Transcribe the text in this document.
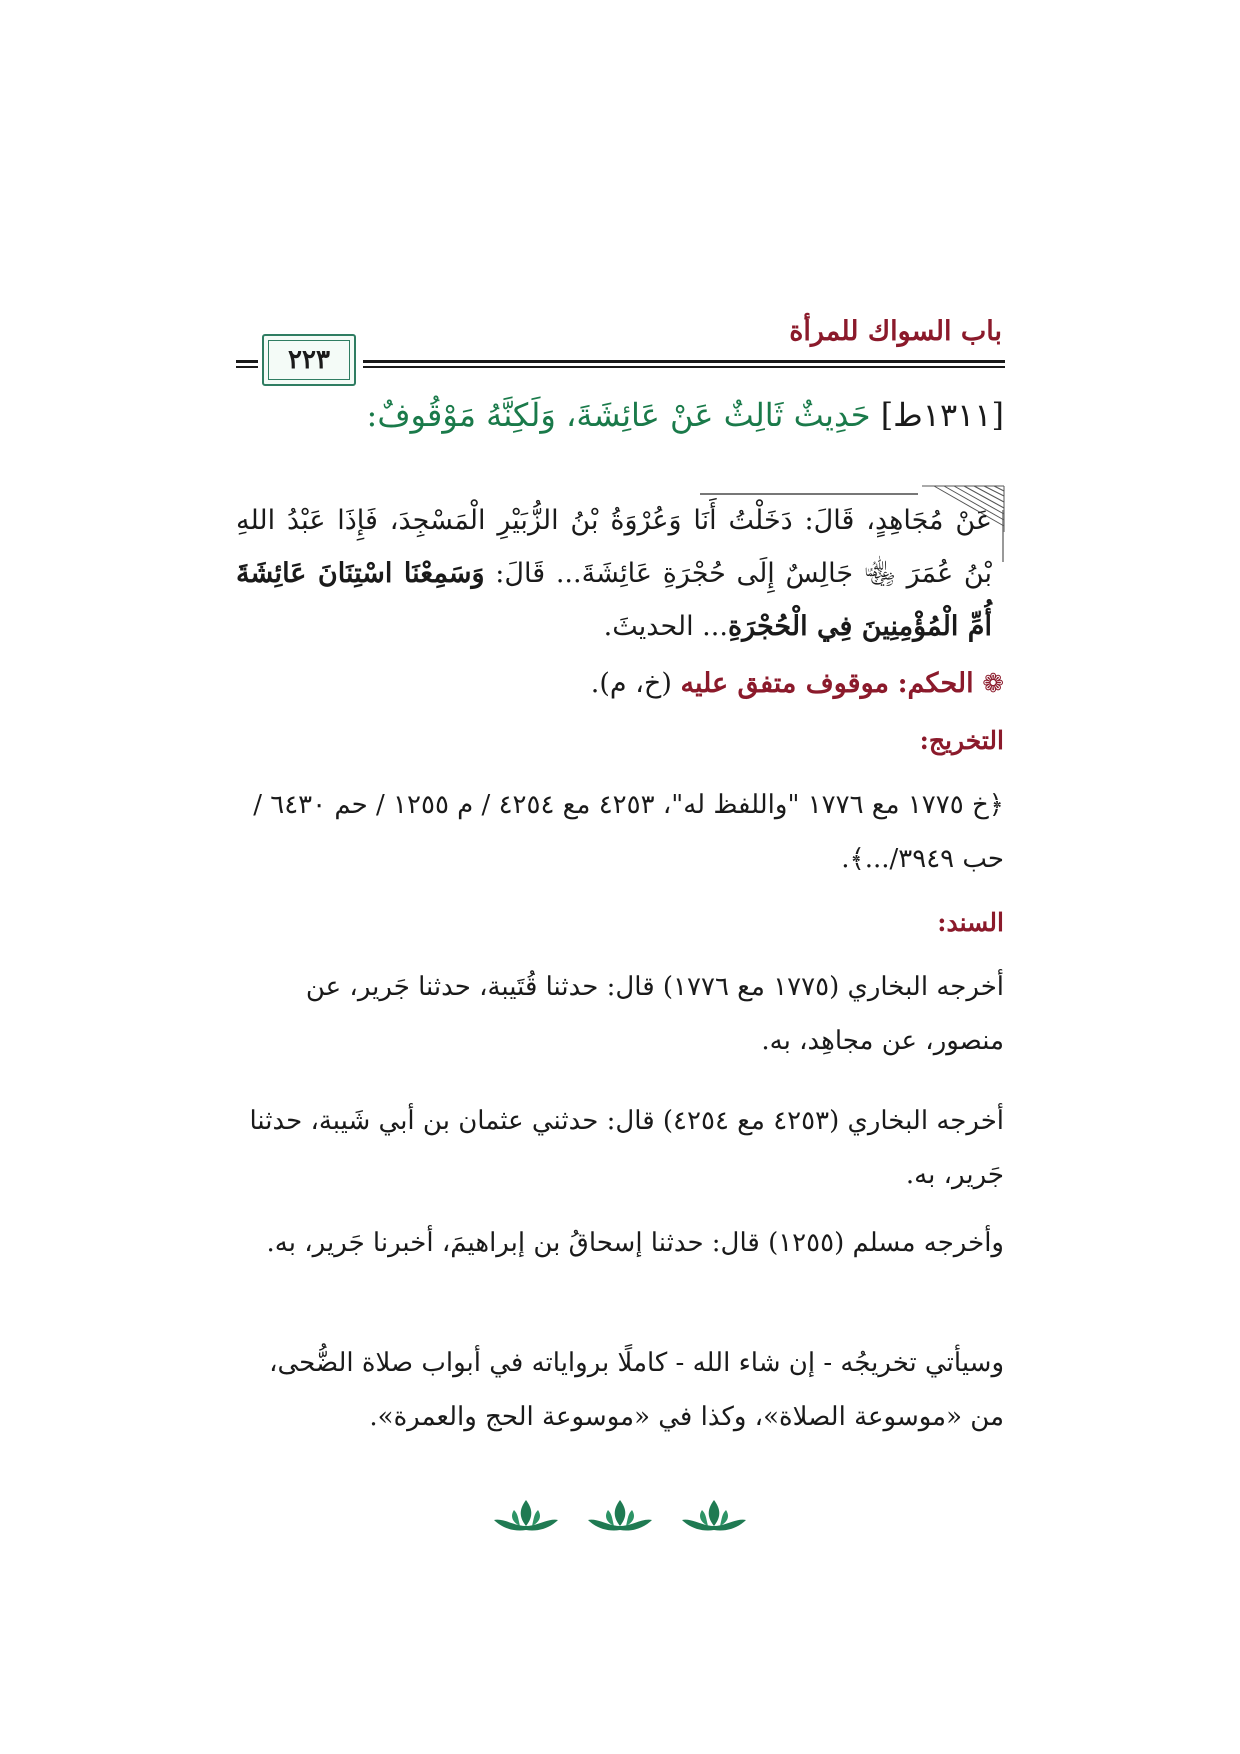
باب السواك للمرأة
٢٢٣
[١٣١١ط] حَدِيثٌ ثَالِثٌ عَنْ عَائِشَةَ، وَلَكِنَّهُ مَوْقُوفٌ:
عَنْ مُجَاهِدٍ، قَالَ: دَخَلْتُ أَنَا وَعُرْوَةُ بْنُ الزُّبَيْرِ الْمَسْجِدَ، فَإِذَا عَبْدُ اللهِ بْنُ عُمَرَ ﵄ جَالِسٌ إِلَى حُجْرَةِ عَائِشَةَ... قَالَ: وَسَمِعْنَا اسْتِنَانَ عَائِشَةَ أُمِّ الْمُؤْمِنِينَ فِي الْحُجْرَةِ... الحديثَ.
❁ الحكم: موقوف متفق عليه (خ، م).
التخريج:
﴿خ ١٧٧٥ مع ١٧٧٦ "واللفظ له"، ٤٢٥٣ مع ٤٢٥٤ / م ١٢٥٥ / حم ٦٤٣٠ / حب ٣٩٤٩/...﴾.
السند:
أخرجه البخاري (١٧٧٥ مع ١٧٧٦) قال: حدثنا قُتَيبة، حدثنا جَرير، عن منصور، عن مجاهِد، به.
أخرجه البخاري (٤٢٥٣ مع ٤٢٥٤) قال: حدثني عثمان بن أبي شَيبة، حدثنا جَرير، به.
وأخرجه مسلم (١٢٥٥) قال: حدثنا إسحاقُ بن إبراهيمَ، أخبرنا جَرير، به.
وسيأتي تخريجُه - إن شاء الله - كاملًا برواياته في أبواب صلاة الضُّحى، من «موسوعة الصلاة»، وكذا في «موسوعة الحج والعمرة».
